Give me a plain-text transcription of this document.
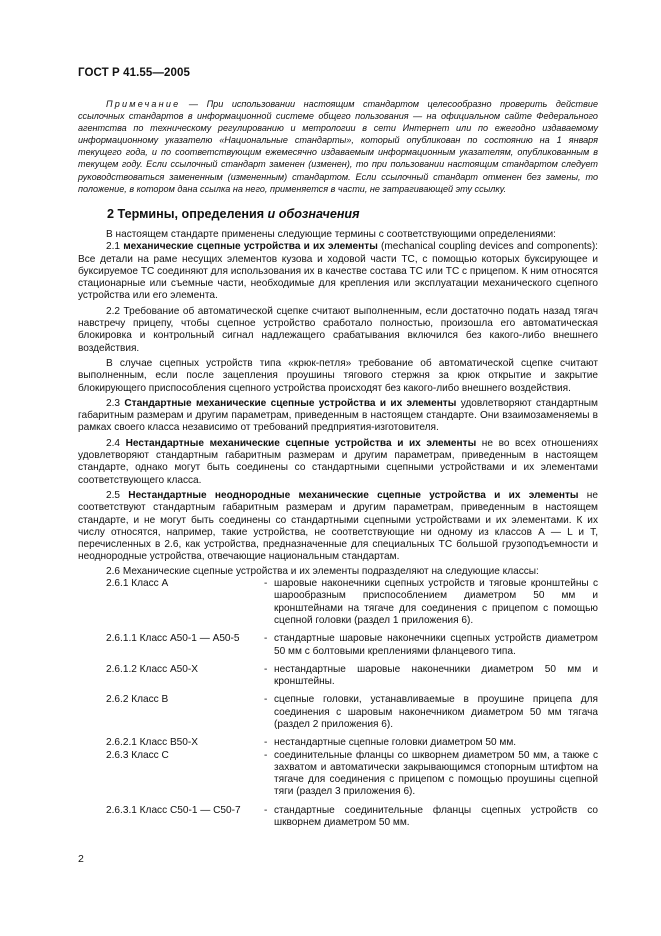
ГОСТ Р 41.55—2005
Примечание — При использовании настоящим стандартом целесообразно проверить действие ссылочных стандартов в информационной системе общего пользования — на официальном сайте Федерального агентства по техническому регулированию и метрологии в сети Интернет или по ежегодно издаваемому информационному указателю «Национальные стандарты», который опубликован по состоянию на 1 января текущего года, и по соответствующим ежемесячно издаваемым информационным указателям, опубликованным в текущем году. Если ссылочный стандарт заменен (изменен), то при пользовании настоящим стандартом следует руководствоваться замененным (измененным) стандартом. Если ссылочный стандарт отменен без замены, то положение, в котором дана ссылка на него, применяется в части, не затрагивающей эту ссылку.
2 Термины, определения и обозначения

В настоящем стандарте применены следующие термины с соответствующими определениями:

2.1 механические сцепные устройства и их элементы (mechanical coupling devices and components): Все детали на раме несущих элементов кузова и ходовой части ТС, с помощью которых буксирующее и буксируемое ТС соединяют для использования их в качестве состава ТС или ТС с прицепом. К ним относятся стационарные или съемные части, необходимые для крепления или эксплуатации механического сцепного устройства или его элемента.

2.2 Требование об автоматической сцепке считают выполненным, если достаточно подать назад тягач навстречу прицепу, чтобы сцепное устройство сработало полностью, произошла его автоматическая блокировка и контрольный сигнал надлежащего срабатывания включился без какого-либо внешнего воздействия.

В случае сцепных устройств типа «крюк-петля» требование об автоматической сцепке считают выполненным, если после зацепления проушины тягового стержня за крюк открытие и закрытие блокирующего приспособления сцепного устройства происходят без какого-либо внешнего воздействия.

2.3 Стандартные механические сцепные устройства и их элементы удовлетворяют стандартным габаритным размерам и другим параметрам, приведенным в настоящем стандарте. Они взаимозаменяемы в рамках своего класса независимо от требований предприятия-изготовителя.

2.4 Нестандартные механические сцепные устройства и их элементы не во всех отношениях удовлетворяют стандартным габаритным размерам и другим параметрам, приведенным в настоящем стандарте, однако могут быть соединены со стандартными сцепными устройствами и их элементами соответствующего класса.

2.5 Нестандартные неоднородные механические сцепные устройства и их элементы не соответствуют стандартным габаритным размерам и другим параметрам, приведенным в настоящем стандарте, и не могут быть соединены со стандартными сцепными устройствами и их элементами. К их числу относятся, например, такие устройства, не соответствующие ни одному из классов А — L и Т, перечисленных в 2.6, как устройства, предназначенные для специальных ТС большой грузоподъемности и неоднородные устройства, отвечающие национальным стандартам.

2.6 Механические сцепные устройства и их элементы подразделяют на следующие классы:

2.6.1 Класс А	- шаровые наконечники сцепных устройств и тяговые кронштейны с шарообразным приспособлением диаметром 50 мм и кронштейнами на тягаче для соединения с прицепом с помощью сцепной головки (раздел 1 приложения 6).
2.6.1.1 Класс А50-1 — А50-5	- стандартные шаровые наконечники сцепных устройств диаметром 50 мм с болтовыми креплениями фланцевого типа.
2.6.1.2 Класс А50-Х	- нестандартные шаровые наконечники диаметром 50 мм и кронштейны.
2.6.2 Класс В	- сцепные головки, устанавливаемые в проушине прицепа для соединения с шаровым наконечником диаметром 50 мм тягача (раздел 2 приложения 6).
2.6.2.1 Класс В50-Х	- нестандартные сцепные головки диаметром 50 мм.
2.6.3 Класс С	- соединительные фланцы со шкворнем диаметром 50 мм, а также с захватом и автоматически закрывающимся стопорным штифтом на тягаче для соединения с прицепом с помощью проушины сцепной тяги (раздел 3 приложения 6).
2.6.3.1 Класс С50-1 — С50-7	- стандартные соединительные фланцы сцепных устройств со шкворнем диаметром 50 мм.
2
